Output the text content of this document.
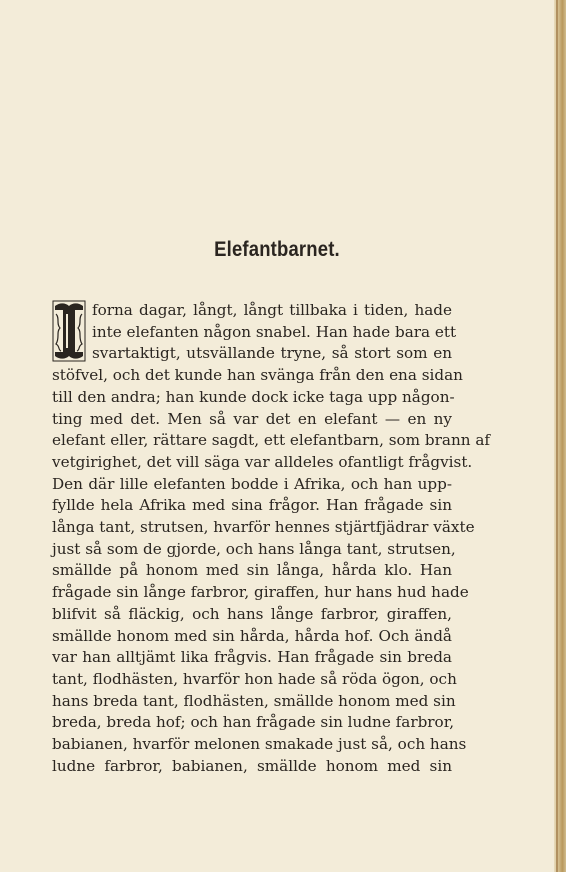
Elefantbarnet.
forna dagar, långt, långt tillbaka i tiden, hade
inte elefanten någon snabel. Han hade bara ett
svartaktigt, utsvällande tryne, så stort som en
stöfvel, och det kunde han svänga från den ena sidan
till den andra; han kunde dock icke taga upp någon-
ting med det. Men så var det en elefant — en ny
elefant eller, rättare sagdt, ett elefantbarn, som brann af
vetgirighet, det vill säga var alldeles ofantligt frågvist.
Den där lille elefanten bodde i Afrika, och han upp-
fyllde hela Afrika med sina frågor. Han frågade sin
långa tant, strutsen, hvarför hennes stjärtfjädrar växte
just så som de gjorde, och hans långa tant, strutsen,
smällde på honom med sin långa, hårda klo. Han
frågade sin långe farbror, giraffen, hur hans hud hade
blifvit så fläckig, och hans långe farbror, giraffen,
smällde honom med sin hårda, hårda hof. Och ändå
var han alltjämt lika frågvis. Han frågade sin breda
tant, flodhästen, hvarför hon hade så röda ögon, och
hans breda tant, flodhästen, smällde honom med sin
breda, breda hof; och han frågade sin ludne farbror,
babianen, hvarför melonen smakade just så, och hans
ludne farbror, babianen, smällde honom med sin
